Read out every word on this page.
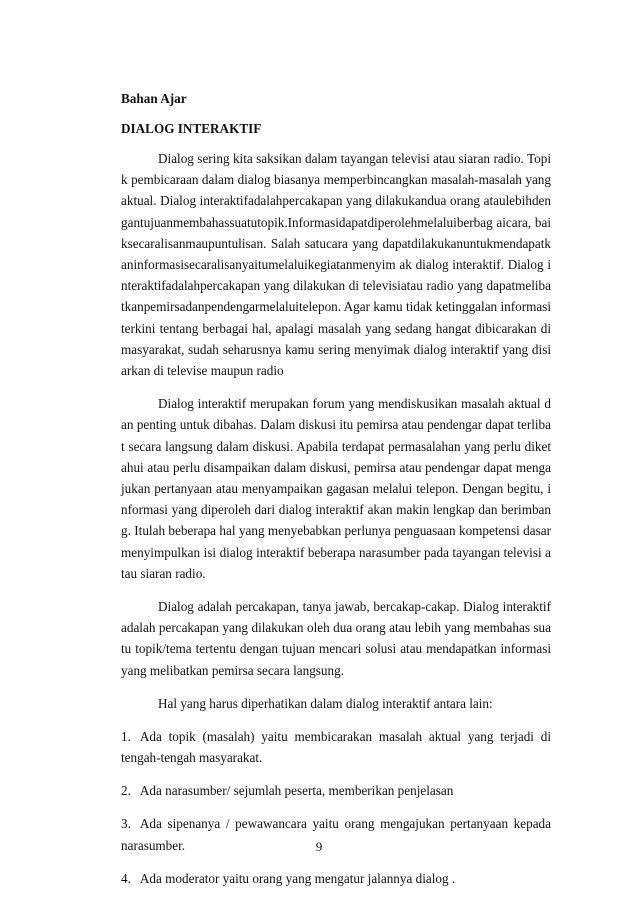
Bahan Ajar

DIALOG INTERAKTIF

Dialog sering kita saksikan dalam tayangan televisi atau siaran radio. Topik pembicaraan dalam dialog biasanya memperbincangkan masalah-masalah yang aktual. Dialog interaktifadalahpercakapan yang dilakukandua orang ataulebihdengantujuanmembahassuatutopik.Informasidapatdiperolehmelaluiberbag aicara, baiksecaralisanmaupuntulisan. Salah satucara yang dapatdilakukanuntukmendapatkaninformasisecaralisanyaitumelaluikegiatanmenyim ak dialog interaktif. Dialog interaktifadalahpercakapan yang dilakukan di televisiatau radio yang dapatmelibatkanpemirsadanpendengarmelaluitelepon. Agar kamu tidak ketinggalan informasi terkini tentang berbagai hal, apalagi masalah yang sedang hangat dibicarakan di masyarakat, sudah seharusnya kamu sering menyimak dialog interaktif yang disiarkan di televise maupun radio

Dialog interaktif merupakan forum yang mendiskusikan masalah aktual dan penting untuk dibahas. Dalam diskusi itu pemirsa atau pendengar dapat terlibat secara langsung dalam diskusi. Apabila terdapat permasalahan yang perlu diketahui atau perlu disampaikan dalam diskusi, pemirsa atau pendengar dapat mengajukan pertanyaan atau menyampaikan gagasan melalui telepon. Dengan begitu, informasi yang diperoleh dari dialog interaktif akan makin lengkap dan berimbang. Itulah beberapa hal yang menyebabkan perlunya penguasaan kompetensi dasar menyimpulkan isi dialog interaktif beberapa narasumber pada tayangan televisi atau siaran radio.

Dialog adalah percakapan, tanya jawab, bercakap-cakap. Dialog interaktif adalah percakapan yang dilakukan oleh dua orang atau lebih yang membahas suatu topik/tema tertentu dengan tujuan mencari solusi atau mendapatkan informasi yang melibatkan pemirsa secara langsung.

Hal yang harus diperhatikan dalam dialog interaktif antara lain:

1. Ada topik (masalah) yaitu membicarakan masalah aktual yang terjadi di tengah-tengah masyarakat.

2. Ada narasumber/ sejumlah peserta, memberikan penjelasan

3. Ada sipenanya / pewawancara yaitu orang mengajukan pertanyaan kepada narasumber.

4. Ada moderator yaitu orang yang mengatur jalannya dialog .

9
